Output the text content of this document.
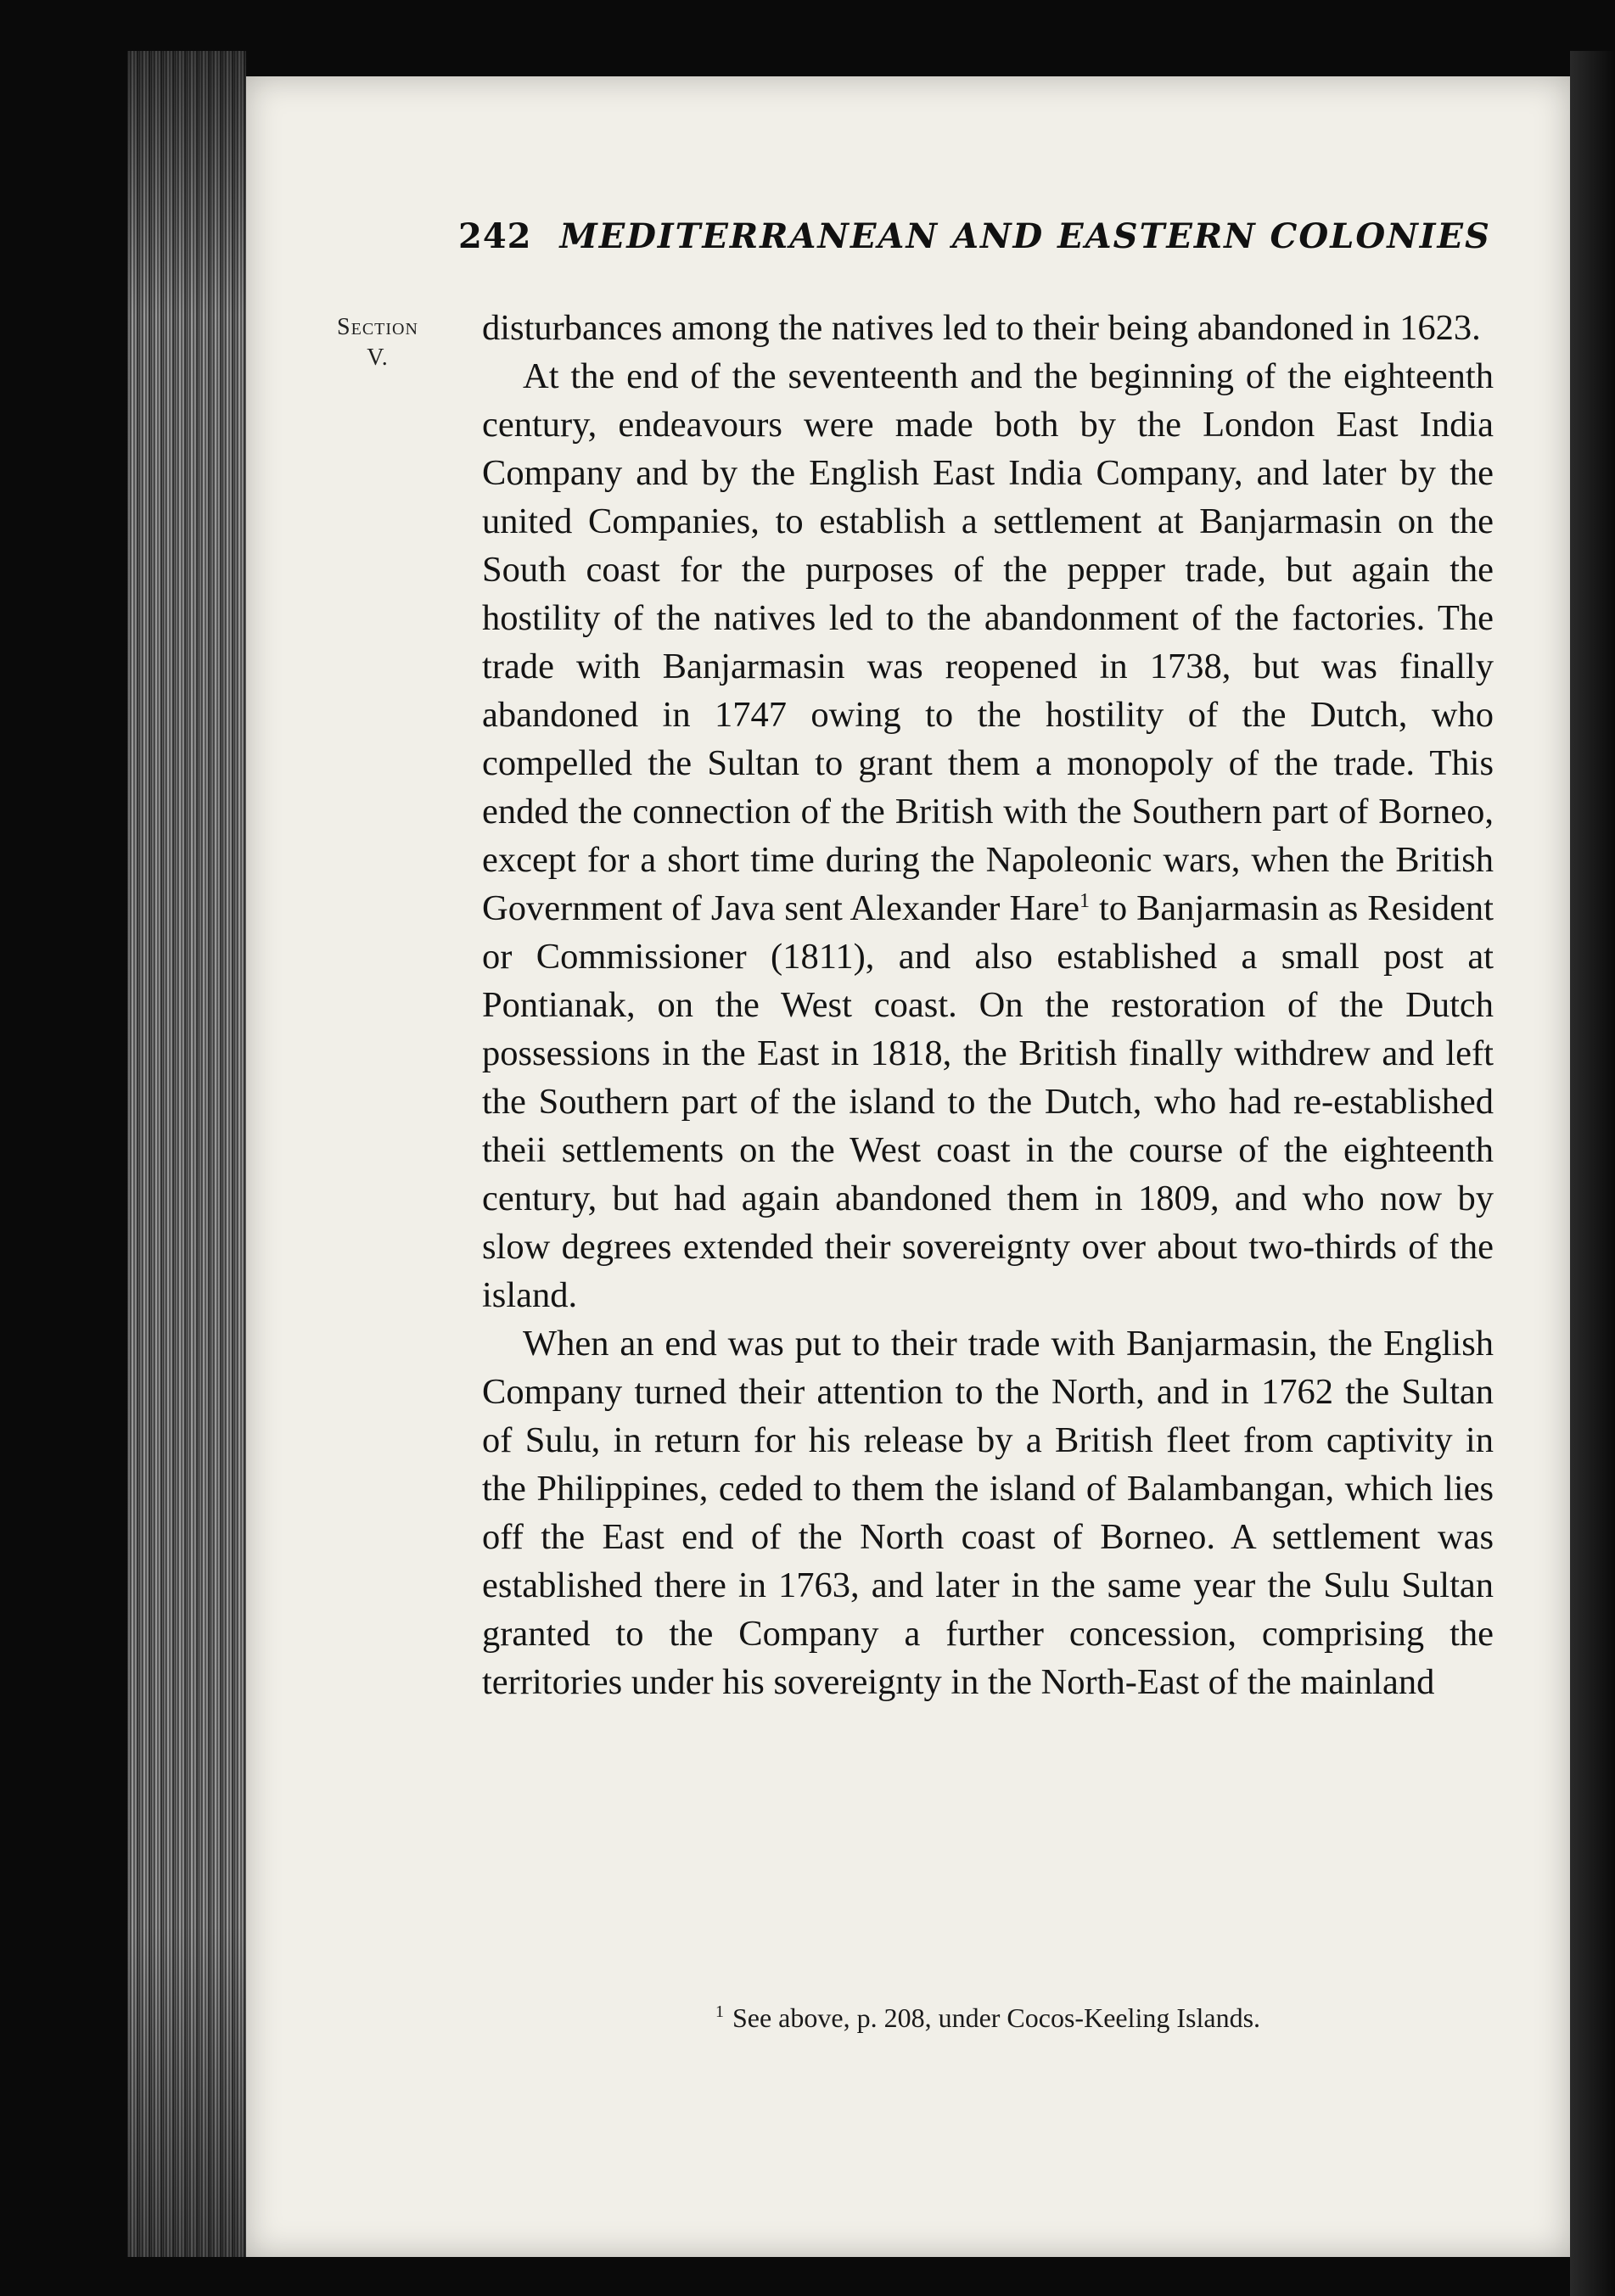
242 MEDITERRANEAN AND EASTERN COLONIES
Section
V.

disturbances among the natives led to their being abandoned in 1623.

At the end of the seventeenth and the beginning of the eighteenth century, endeavours were made both by the London East India Company and by the English East India Company, and later by the united Companies, to establish a settlement at Banjarmasin on the South coast for the purposes of the pepper trade, but again the hostility of the natives led to the abandonment of the factories. The trade with Banjarmasin was reopened in 1738, but was finally abandoned in 1747 owing to the hostility of the Dutch, who compelled the Sultan to grant them a monopoly of the trade. This ended the connection of the British with the Southern part of Borneo, except for a short time during the Napoleonic wars, when the British Government of Java sent Alexander Hare$^1$ to Banjarmasin as Resident or Commissioner (1811), and also established a small post at Pontianak, on the West coast. On the restoration of the Dutch possessions in the East in 1818, the British finally withdrew and left the Southern part of the island to the Dutch, who had re-established theii settlements on the West coast in the course of the eighteenth century, but had again abandoned them in 1809, and who now by slow degrees extended their sovereignty over about two-thirds of the island.

When an end was put to their trade with Banjarmasin, the English Company turned their attention to the North, and in 1762 the Sultan of Sulu, in return for his release by a British fleet from captivity in the Philippines, ceded to them the island of Balambangan, which lies off the East end of the North coast of Borneo. A settlement was established there in 1763, and later in the same year the Sulu Sultan granted to the Company a further concession, comprising the territories under his sovereignty in the North-East of the mainland

$^1$ See above, p. 208, under Cocos-Keeling Islands.
